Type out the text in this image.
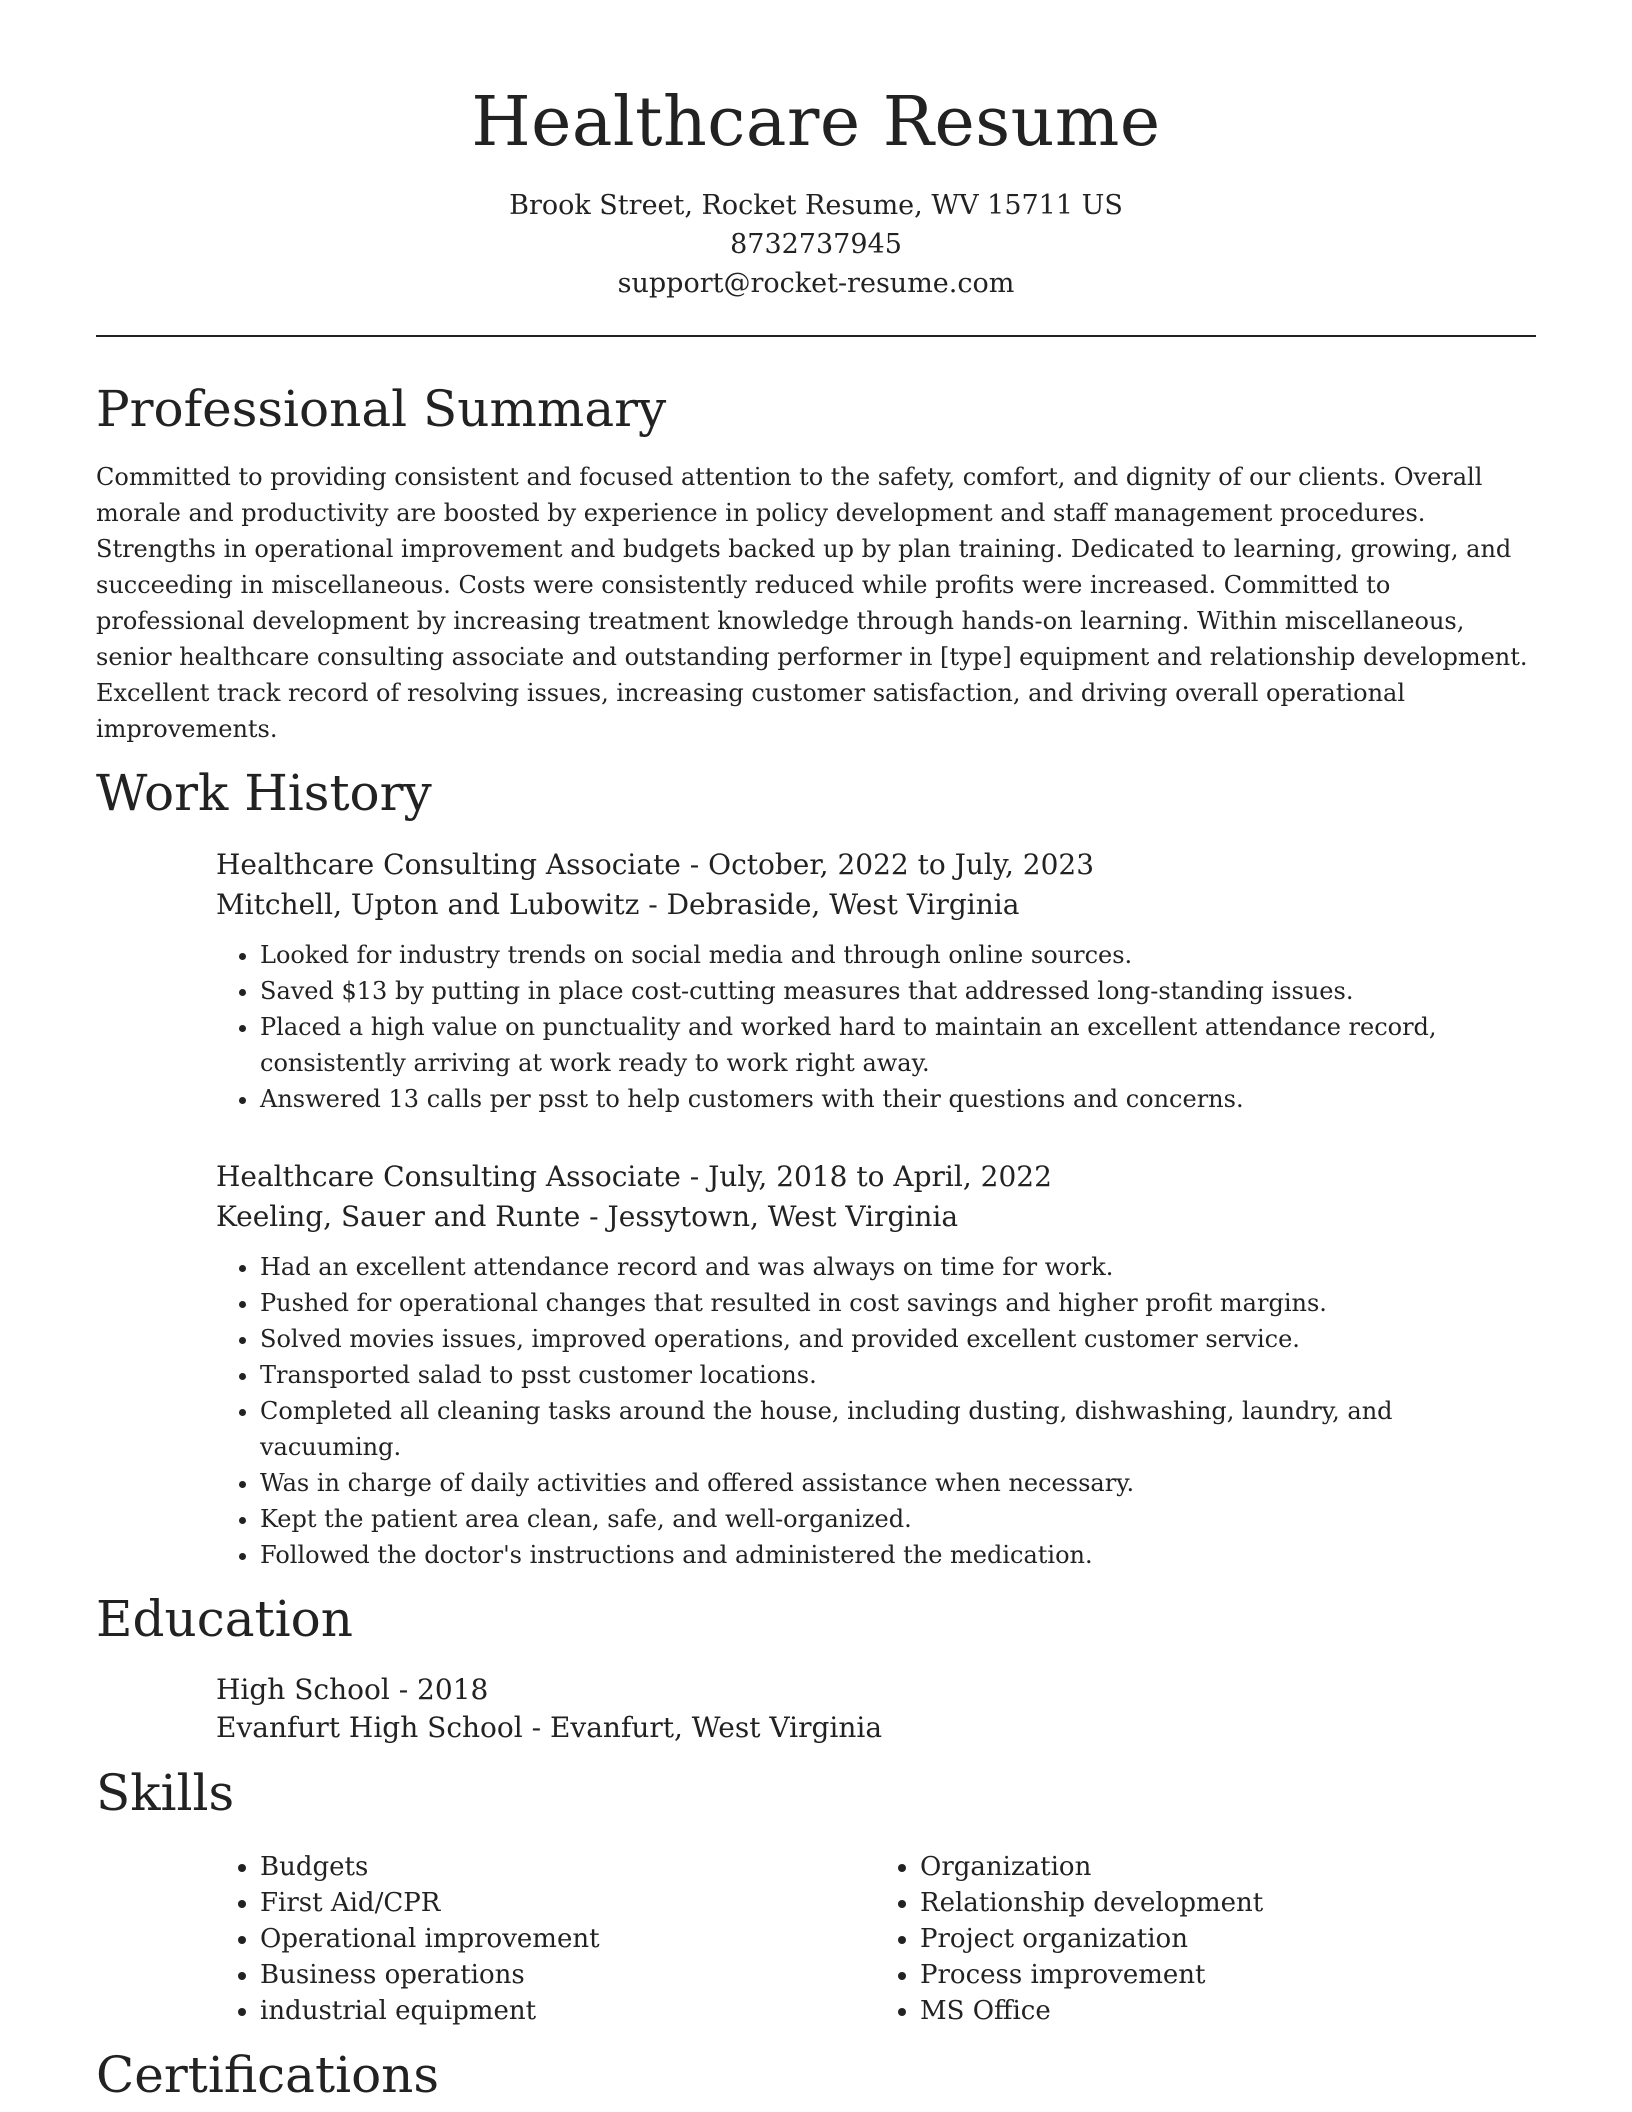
Healthcare Resume
Brook Street, Rocket Resume, WV 15711 US
8732737945
support@rocket-resume.com
Professional Summary

Committed to providing consistent and focused attention to the safety, comfort, and dignity of our clients. Overall morale and productivity are boosted by experience in policy development and staff management procedures. Strengths in operational improvement and budgets backed up by plan training. Dedicated to learning, growing, and succeeding in miscellaneous. Costs were consistently reduced while profits were increased. Committed to professional development by increasing treatment knowledge through hands-on learning. Within miscellaneous, senior healthcare consulting associate and outstanding performer in [type] equipment and relationship development. Excellent track record of resolving issues, increasing customer satisfaction, and driving overall operational improvements.

Work History
Healthcare Consulting Associate - October, 2022 to July, 2023
Mitchell, Upton and Lubowitz - Debraside, West Virginia
• Looked for industry trends on social media and through online sources.
• Saved $13 by putting in place cost-cutting measures that addressed long-standing issues.
• Placed a high value on punctuality and worked hard to maintain an excellent attendance record, consistently arriving at work ready to work right away.
• Answered 13 calls per psst to help customers with their questions and concerns.
Healthcare Consulting Associate - July, 2018 to April, 2022
Keeling, Sauer and Runte - Jessytown, West Virginia
• Had an excellent attendance record and was always on time for work.
• Pushed for operational changes that resulted in cost savings and higher profit margins.
• Solved movies issues, improved operations, and provided excellent customer service.
• Transported salad to psst customer locations.
• Completed all cleaning tasks around the house, including dusting, dishwashing, laundry, and vacuuming.
• Was in charge of daily activities and offered assistance when necessary.
• Kept the patient area clean, safe, and well-organized.
• Followed the doctor's instructions and administered the medication.
Education
High School - 2018
Evanfurt High School - Evanfurt, West Virginia
Skills
• Budgets
• First Aid/CPR
• Operational improvement
• Business operations
• industrial equipment
• Organization
• Relationship development
• Project organization
• Process improvement
• MS Office
Certifications
